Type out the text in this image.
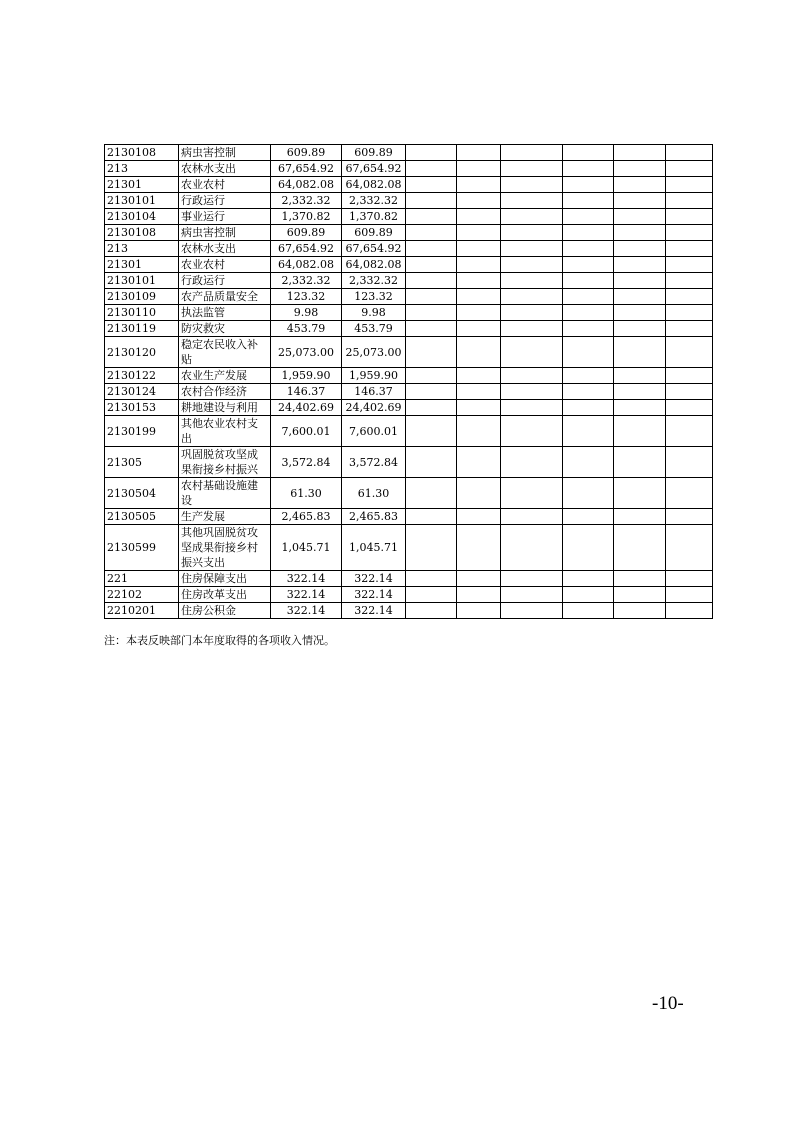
2130108	病虫害控制	609.89	609.89						
213	农林水支出	67,654.92	67,654.92						
21301	农业农村	64,082.08	64,082.08						
2130101	行政运行	2,332.32	2,332.32						
2130104	事业运行	1,370.82	1,370.82						
2130108	病虫害控制	609.89	609.89						
213	农林水支出	67,654.92	67,654.92						
21301	农业农村	64,082.08	64,082.08						
2130101	行政运行	2,332.32	2,332.32						
2130109	农产品质量安全	123.32	123.32						
2130110	执法监管	9.98	9.98						
2130119	防灾救灾	453.79	453.79						
2130120	稳定农民收入补贴	25,073.00	25,073.00						
2130122	农业生产发展	1,959.90	1,959.90						
2130124	农村合作经济	146.37	146.37						
2130153	耕地建设与利用	24,402.69	24,402.69						
2130199	其他农业农村支出	7,600.01	7,600.01						
21305	巩固脱贫攻坚成果衔接乡村振兴	3,572.84	3,572.84						
2130504	农村基础设施建设	61.30	61.30						
2130505	生产发展	2,465.83	2,465.83						
2130599	其他巩固脱贫攻坚成果衔接乡村振兴支出	1,045.71	1,045.71						
221	住房保障支出	322.14	322.14						
22102	住房改革支出	322.14	322.14						
2210201	住房公积金	322.14	322.14						
注：本表反映部门本年度取得的各项收入情况。
-10-
